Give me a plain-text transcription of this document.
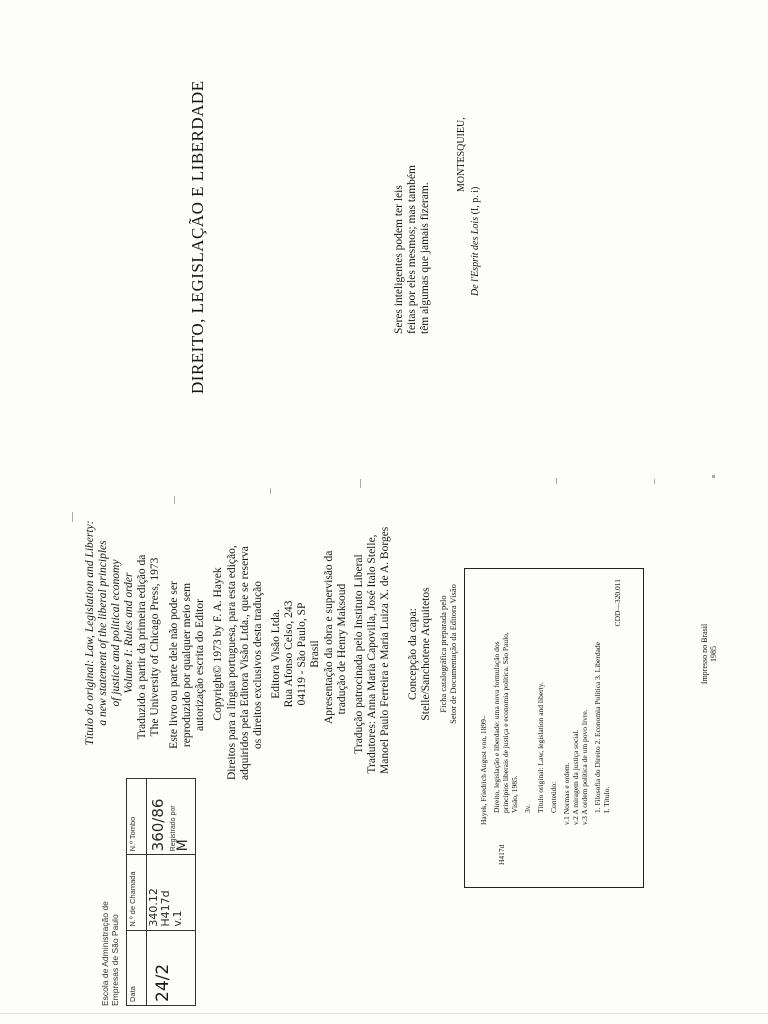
Escola de Administração de Empresas de São Paulo Data
N.º de Chamada
N.º Tombo
24/2
340.12 H417d v.1
360/86 Registrado por
M
Título do original: Law, Legislation and Liberty: a new statement of the liberal principles of justice and political economy Volume I: Rules and order Traduzido a partir da primeira edição da The University of Chicago Press, 1973 Este livro ou parte dele não pode ser reproduzido por qualquer meio sem autorização escrita do Editor Copyright© 1973 by F. A. Hayek Direitos para a língua portuguesa, para esta edição, adquiridos pela Editora Visão Ltda., que se reserva os direitos exclusivos desta tradução Editora Visão Ltda. Rua Afonso Celso, 243 04119 - São Paulo, SP Brasil Apresentação da obra e supervisão da tradução de Henry Maksoud Tradução patrocinada pelo Instituto Liberal Tradutores: Anna Maria Capovilla, José Italo Stelle, Manoel Paulo Ferreira e Maria Luiza X. de A. Borges Concepção da capa: Stelle/Sanchotene Arquitetos Ficha catalográfica preparada pelo Setor de Documentação da Editora Visão
H417d
Hayek, Friedrich August von, 1899– Direito, legislação e liberdade: uma nova formulação dos princípios liberais de justiça e economia política. São Paulo, Visão, 1985. 3v. Título original: Law, legislation and liberty. Conteúdo: v.1 Normas e ordem. v.2 A miragem da justiça social. v.3 A ordem política de um povo livre. 1. Filosofia do Direito 2. Economia Política 3. Liberdade I. Título.
CDD—320.011
Impresso no Brasil 1985
DIREITO, LEGISLAÇÃO E LIBERDADE	Seres inteligentes podem ter leis feitas por eles mesmos; mas também têm algumas que jamais fizeram.
MONTESQUIEU,
De l'Esprit des Lois (I, p. i)
